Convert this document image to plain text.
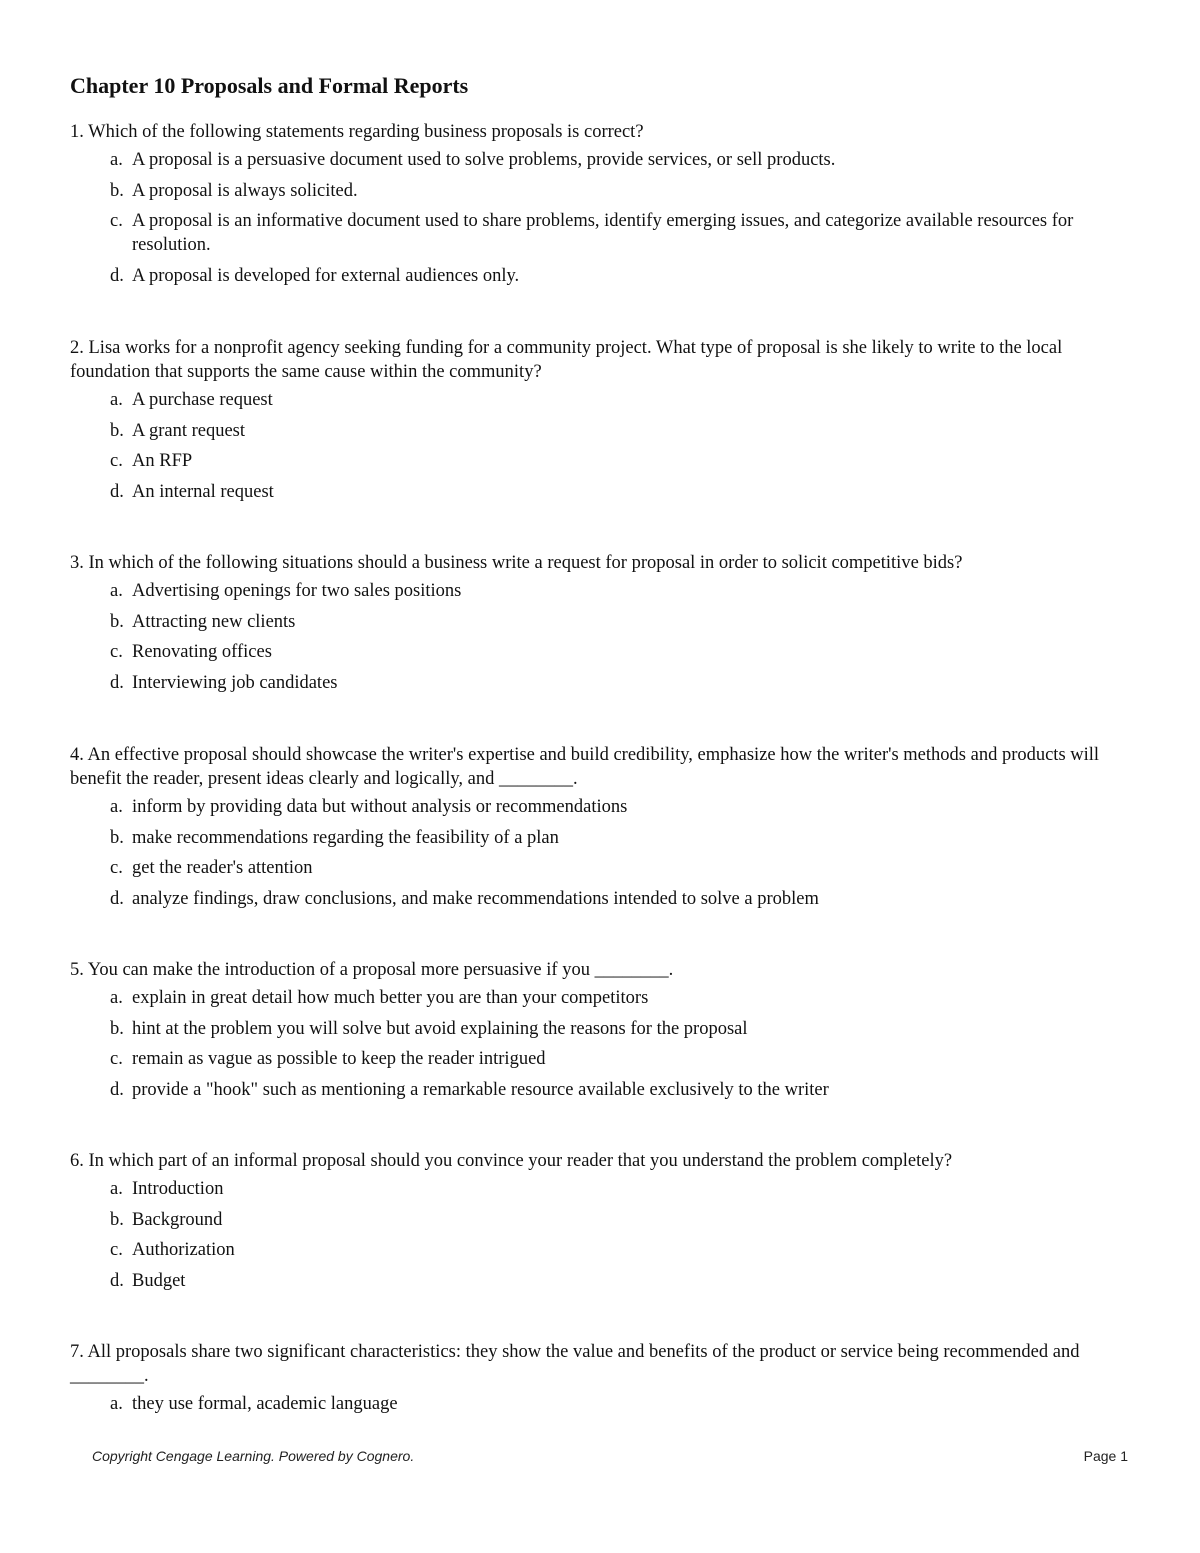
Chapter 10 Proposals and Formal Reports
1. Which of the following statements regarding business proposals is correct?
a. A proposal is a persuasive document used to solve problems, provide services, or sell products.
b. A proposal is always solicited.
c. A proposal is an informative document used to share problems, identify emerging issues, and categorize available resources for resolution.
d. A proposal is developed for external audiences only.
2. Lisa works for a nonprofit agency seeking funding for a community project. What type of proposal is she likely to write to the local foundation that supports the same cause within the community?
a. A purchase request
b. A grant request
c. An RFP
d. An internal request
3. In which of the following situations should a business write a request for proposal in order to solicit competitive bids?
a. Advertising openings for two sales positions
b. Attracting new clients
c. Renovating offices
d. Interviewing job candidates
4. An effective proposal should showcase the writer's expertise and build credibility, emphasize how the writer's methods and products will benefit the reader, present ideas clearly and logically, and ________.
a. inform by providing data but without analysis or recommendations
b. make recommendations regarding the feasibility of a plan
c. get the reader's attention
d. analyze findings, draw conclusions, and make recommendations intended to solve a problem
5. You can make the introduction of a proposal more persuasive if you ________.
a. explain in great detail how much better you are than your competitors
b. hint at the problem you will solve but avoid explaining the reasons for the proposal
c. remain as vague as possible to keep the reader intrigued
d. provide a "hook" such as mentioning a remarkable resource available exclusively to the writer
6. In which part of an informal proposal should you convince your reader that you understand the problem completely?
a. Introduction
b. Background
c. Authorization
d. Budget
7. All proposals share two significant characteristics: they show the value and benefits of the product or service being recommended and ________.
a. they use formal, academic language
Copyright Cengage Learning. Powered by Cognero.	Page 1
